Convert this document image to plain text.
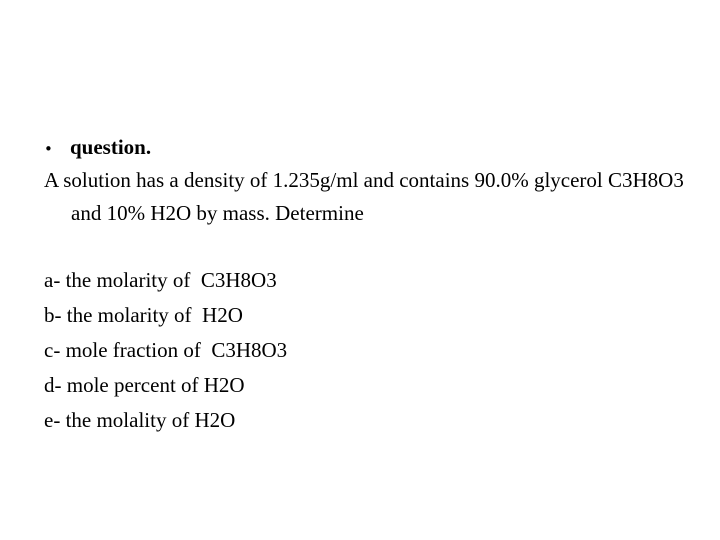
• question.

A solution has a density of 1.235g/ml and contains 90.0% glycerol C3H8O3 and 10% H2O by mass. Determine

a- the molarity of  C3H8O3
b- the molarity of  H2O
c- mole fraction of  C3H8O3
d- mole percent of H2O
e- the molality of H2O
